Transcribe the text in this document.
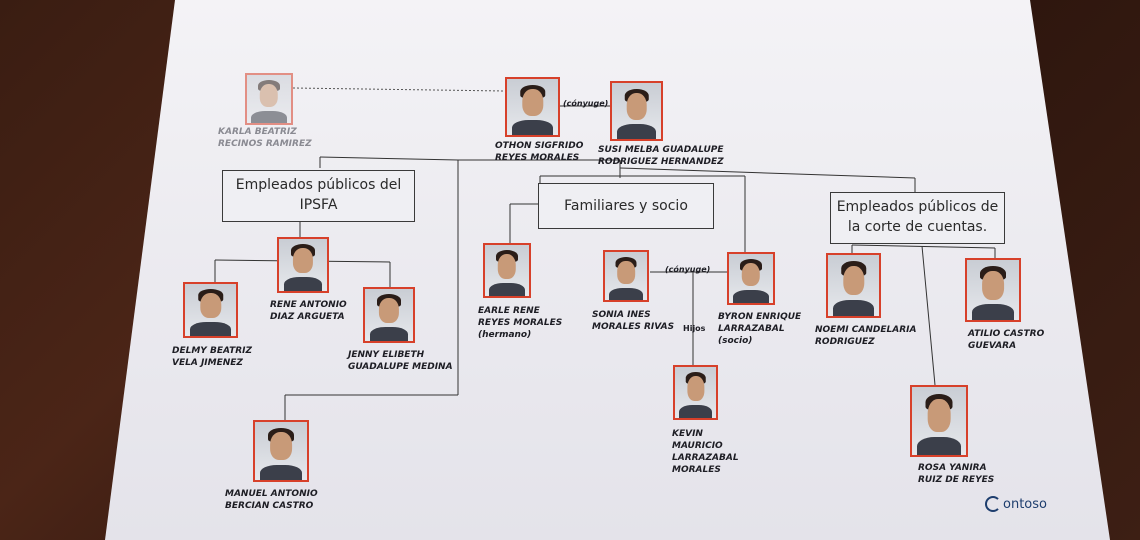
Empleados públicos del IPSFA	Familiares y socio	Empleados públicos de la corte de cuentas.
KARLA BEATRIZ
RECINOS RAMIREZ	OTHON SIGFRIDO
REYES MORALES
SUSI MELBA GUADALUPE
RODRIGUEZ HERNANDEZ
RENE ANTONIO
DIAZ ARGUETA
DELMY BEATRIZ
VELA JIMENEZ
JENNY ELIBETH
GUADALUPE MEDINA
MANUEL ANTONIO
BERCIAN CASTRO
EARLE RENE
REYES MORALES
(hermano)
SONIA INES
MORALES RIVAS
BYRON ENRIQUE
LARRAZABAL
(socio)
KEVIN
MAURICIO
LARRAZABAL
MORALES
NOEMI CANDELARIA
RODRIGUEZ
ATILIO CASTRO
GUEVARA
ROSA YANIRA
RUIZ DE REYES
(cónyuge)
(cónyuge)
Hijos
ontoso
